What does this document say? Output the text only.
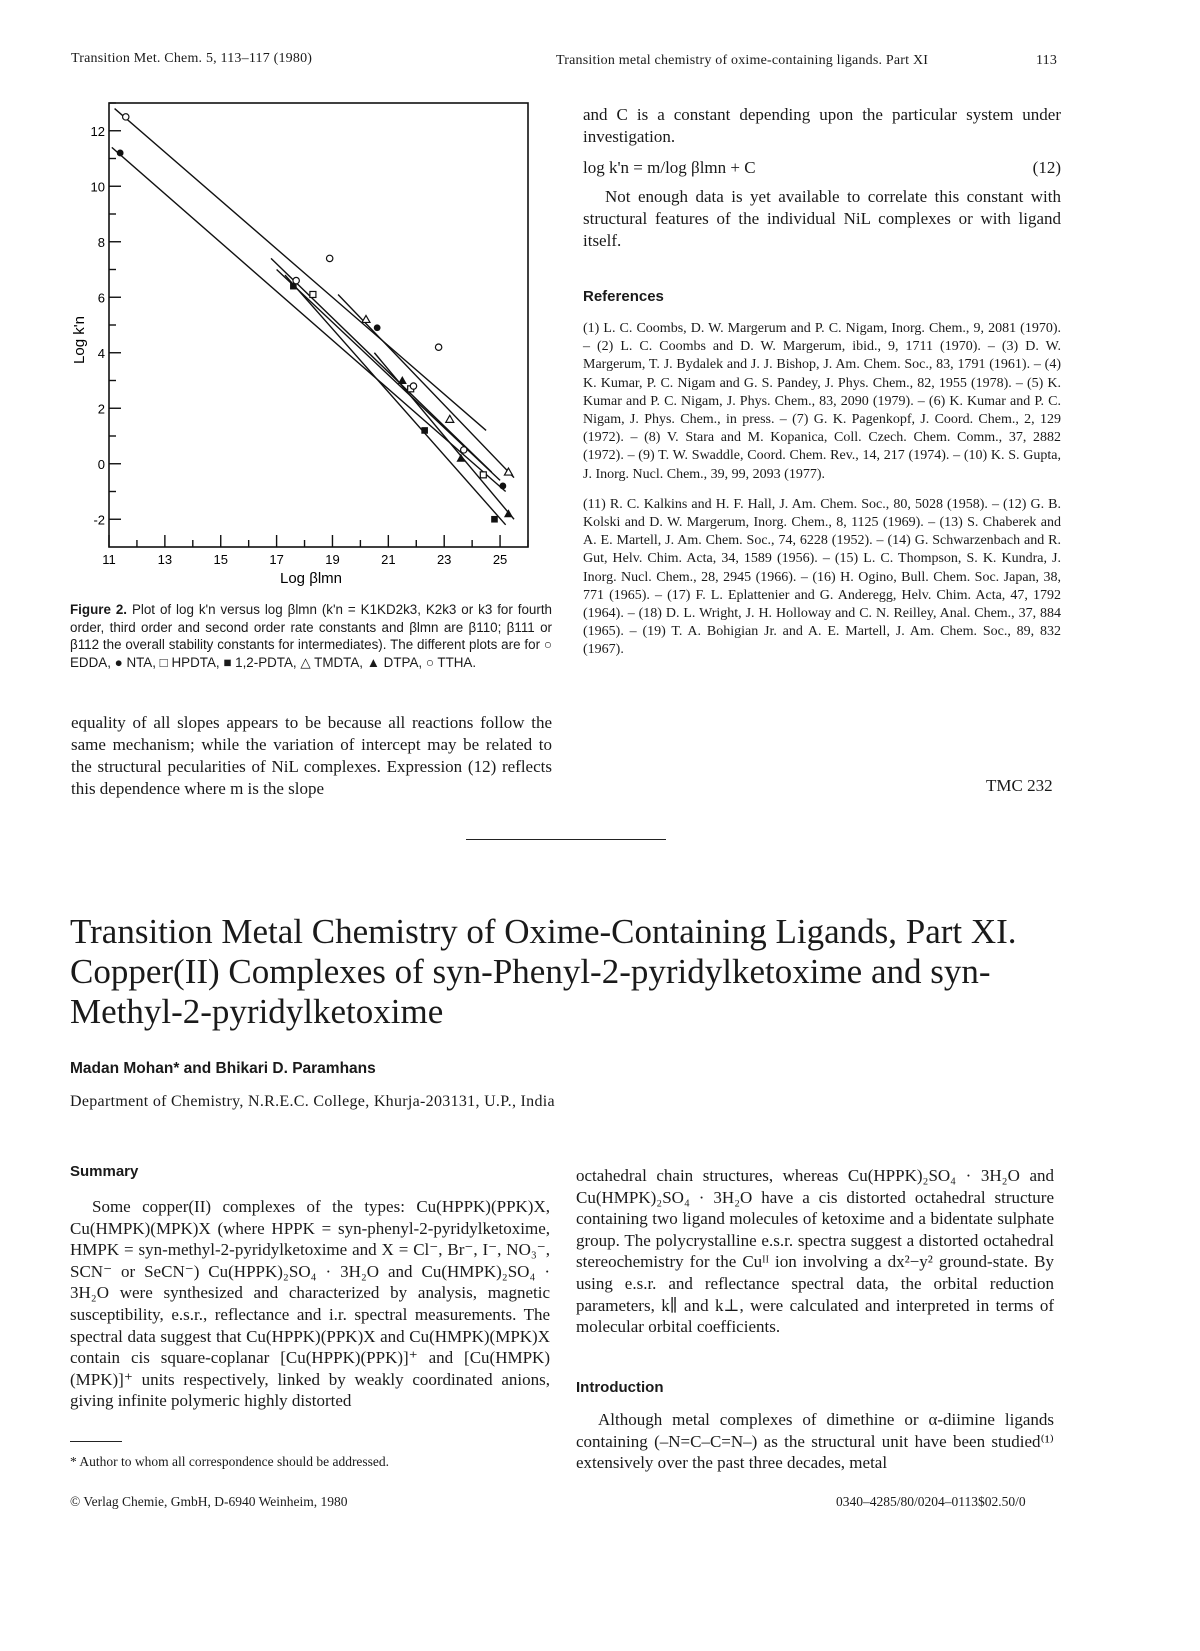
Transition Met. Chem. 5, 113–117 (1980)	Transition metal chemistry of oxime-containing ligands. Part XI	113
11	13	15	17	19	21	23	25
-2
0
2
4
6
8
10
12
Log βlmn
Log k'n
Figure 2. Plot of log k'n versus log βlmn (k'n = K1KD2k3, K2k3 or k3 for fourth order, third order and second order rate constants and βlmn are β110; β111 or β112 the overall stability constants for intermediates). The different plots are for ○ EDDA, ● NTA, □ HPDTA, ■ 1,2-PDTA, △ TMDTA, ▲ DTPA, ○ TTHA.
equality of all slopes appears to be because all reactions follow the same mechanism; while the variation of intercept may be related to the structural pecularities of NiL complexes. Expression (12) reflects this dependence where m is the slope
and C is a constant depending upon the particular system under investigation.
log k'n = m/log βlmn + C	(12)
Not enough data is yet available to correlate this constant with structural features of the individual NiL complexes or with ligand itself.
References

(1) L. C. Coombs, D. W. Margerum and P. C. Nigam, Inorg. Chem., 9, 2081 (1970). – (2) L. C. Coombs and D. W. Margerum, ibid., 9, 1711 (1970). – (3) D. W. Margerum, T. J. Bydalek and J. J. Bishop, J. Am. Chem. Soc., 83, 1791 (1961). – (4) K. Kumar, P. C. Nigam and G. S. Pandey, J. Phys. Chem., 82, 1955 (1978). – (5) K. Kumar and P. C. Nigam, J. Phys. Chem., 83, 2090 (1979). – (6) K. Kumar and P. C. Nigam, J. Phys. Chem., in press. – (7) G. K. Pagenkopf, J. Coord. Chem., 2, 129 (1972). – (8) V. Stara and M. Kopanica, Coll. Czech. Chem. Comm., 37, 2882 (1972). – (9) T. W. Swaddle, Coord. Chem. Rev., 14, 217 (1974). – (10) K. S. Gupta, J. Inorg. Nucl. Chem., 39, 99, 2093 (1977).

(11) R. C. Kalkins and H. F. Hall, J. Am. Chem. Soc., 80, 5028 (1958). – (12) G. B. Kolski and D. W. Margerum, Inorg. Chem., 8, 1125 (1969). – (13) S. Chaberek and A. E. Martell, J. Am. Chem. Soc., 74, 6228 (1952). – (14) G. Schwarzenbach and R. Gut, Helv. Chim. Acta, 34, 1589 (1956). – (15) L. C. Thompson, S. K. Kundra, J. Inorg. Nucl. Chem., 28, 2945 (1966). – (16) H. Ogino, Bull. Chem. Soc. Japan, 38, 771 (1965). – (17) F. L. Eplattenier and G. Anderegg, Helv. Chim. Acta, 47, 1792 (1964). – (18) D. L. Wright, J. H. Holloway and C. N. Reilley, Anal. Chem., 37, 884 (1965). – (19) T. A. Bohigian Jr. and A. E. Martell, J. Am. Chem. Soc., 89, 832 (1967).

TMC 232
Transition Metal Chemistry of Oxime-Containing Ligands, Part XI. Copper(II) Complexes of syn-Phenyl-2-pyridylketoxime and syn-Methyl-2-pyridylketoxime
Madan Mohan* and Bhikari D. Paramhans
Department of Chemistry, N.R.E.C. College, Khurja-203131, U.P., India
Summary
Some copper(II) complexes of the types: Cu(HPPK)(PPK)X, Cu(HMPK)(MPK)X (where HPPK = syn-phenyl-2-pyridylketoxime, HMPK = syn-methyl-2-pyridylketoxime and X = Cl⁻, Br⁻, I⁻, NO₃⁻, SCN⁻ or SeCN⁻) Cu(HPPK)₂SO₄ · 3H₂O and Cu(HMPK)₂SO₄ · 3H₂O were synthesized and characterized by analysis, magnetic susceptibility, e.s.r., reflectance and i.r. spectral measurements. The spectral data suggest that Cu(HPPK)(PPK)X and Cu(HMPK)(MPK)X contain cis square-coplanar [Cu(HPPK)(PPK)]⁺ and [Cu(HMPK)(MPK)]⁺ units respectively, linked by weakly coordinated anions, giving infinite polymeric highly distorted
octahedral chain structures, whereas Cu(HPPK)₂SO₄ · 3H₂O and Cu(HMPK)₂SO₄ · 3H₂O have a cis distorted octahedral structure containing two ligand molecules of ketoxime and a bidentate sulphate group. The polycrystalline e.s.r. spectra suggest a distorted octahedral stereochemistry for the Cuᴵᴵ ion involving a dx²−y² ground-state. By using e.s.r. and reflectance spectral data, the orbital reduction parameters, k∥ and k⊥, were calculated and interpreted in terms of molecular orbital coefficients.
Introduction
Although metal complexes of dimethine or α-diimine ligands containing (–N=C–C=N–) as the structural unit have been studied⁽¹⁾ extensively over the past three decades, metal
* Author to whom all correspondence should be addressed.
© Verlag Chemie, GmbH, D-6940 Weinheim, 1980	0340–4285/80/0204–0113$02.50/0
